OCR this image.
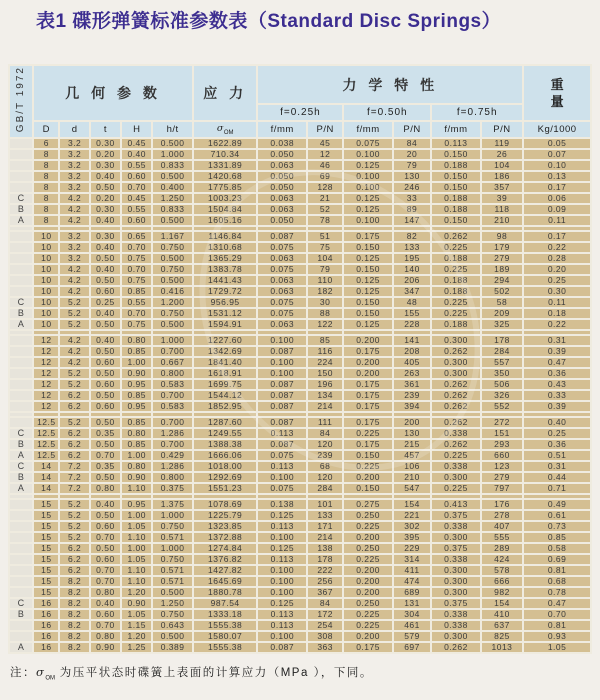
表1 碟形弹簧标准参数表（Standard Disc Springs）
GB/T 1972	几 何 参 数					应 力	力 学 特 性						重
量

							f=0.25h		f=0.50h		f=0.75h		
	D	d	t	H	h/t	$\sigma_{OM}$	f/mm	P/N	f/mm	P/N	f/mm	P/N	Kg/1000
	6	3.2	0.30	0.45	0.500	1622.89	0.038	45	0.075	84	0.113	119	0.05
	8	3.2	0.20	0.40	1.000	710.34	0.050	12	0.100	20	0.150	26	0.07
	8	3.2	0.30	0.55	0.833	1331.89	0.063	46	0.125	79	0.188	104	0.10
	8	3.2	0.40	0.60	0.500	1420.68	0.050	69	0.100	130	0.150	186	0.13
	8	3.2	0.50	0.70	0.400	1775.85	0.050	128	0.100	246	0.150	357	0.17
C	8	4.2	0.20	0.45	1.250	1003.23	0.063	21	0.125	33	0.188	39	0.06
B	8	4.2	0.30	0.55	0.833	1504.84	0.063	52	0.125	89	0.188	118	0.09
A	8	4.2	0.40	0.60	0.500	1605.16	0.050	78	0.100	147	0.150	210	0.11

	10	3.2	0.30	0.65	1.167	1146.84	0.087	51	0.175	82	0.262	98	0.17
	10	3.2	0.40	0.70	0.750	1310.68	0.075	75	0.150	133	0.225	179	0.22
	10	3.2	0.50	0.75	0.500	1365.29	0.063	104	0.125	195	0.188	279	0.28
	10	4.2	0.40	0.70	0.750	1383.78	0.075	79	0.150	140	0.225	189	0.20
	10	4.2	0.50	0.75	0.500	1441.43	0.063	110	0.125	206	0.188	294	0.25
	10	4.2	0.60	0.85	0.416	1729.72	0.063	182	0.125	347	0.188	502	0.30
C	10	5.2	0.25	0.55	1.200	956.95	0.075	30	0.150	48	0.225	58	0.11
B	10	5.2	0.40	0.70	0.750	1531.12	0.075	88	0.150	155	0.225	209	0.18
A	10	5.2	0.50	0.75	0.500	1594.91	0.063	122	0.125	228	0.188	325	0.22

	12	4.2	0.40	0.80	1.000	1227.60	0.100	85	0.200	141	0.300	178	0.31
	12	4.2	0.50	0.85	0.700	1342.69	0.087	116	0.175	208	0.262	284	0.39
	12	4.2	0.60	1.00	0.667	1841.40	0.100	224	0.200	405	0.300	557	0.47
	12	5.2	0.50	0.90	0.800	1618.91	0.100	150	0.200	263	0.300	350	0.36
	12	5.2	0.60	0.95	0.583	1699.75	0.087	196	0.175	361	0.262	506	0.43
	12	6.2	0.50	0.85	0.700	1544.12	0.087	134	0.175	239	0.262	326	0.33
	12	6.2	0.60	0.95	0.583	1852.95	0.087	214	0.175	394	0.262	552	0.39

	12.5	5.2	0.50	0.85	0.700	1287.60	0.087	111	0.175	200	0.262	272	0.40
C	12.5	6.2	0.35	0.80	1.286	1249.55	0.113	84	0.225	130	0.338	151	0.25
B	12.5	6.2	0.50	0.85	0.700	1388.38	0.087	120	0.175	215	0.262	293	0.36
A	12.5	6.2	0.70	1.00	0.429	1666.06	0.075	239	0.150	457	0.225	660	0.51
C	14	7.2	0.35	0.80	1.286	1018.00	0.113	68	0.225	106	0.338	123	0.31
B	14	7.2	0.50	0.90	0.800	1292.69	0.100	120	0.200	210	0.300	279	0.44
A	14	7.2	0.80	1.10	0.375	1551.23	0.075	284	0.150	547	0.225	797	0.71

	15	5.2	0.40	0.95	1.375	1078.69	0.138	101	0.275	154	0.413	176	0.49
	15	5.2	0.50	1.00	1.000	1225.79	0.125	133	0.250	221	0.375	278	0.61
	15	5.2	0.60	1.05	0.750	1323.85	0.113	171	0.225	302	0.338	407	0.73
	15	5.2	0.70	1.10	0.571	1372.88	0.100	214	0.200	395	0.300	555	0.85
	15	6.2	0.50	1.00	1.000	1274.84	0.125	138	0.250	229	0.375	289	0.58
	15	6.2	0.60	1.05	0.750	1376.82	0.113	178	0.225	314	0.338	424	0.69
	15	6.2	0.70	1.10	0.571	1427.82	0.100	222	0.200	411	0.300	578	0.81
	15	8.2	0.70	1.10	0.571	1645.69	0.100	256	0.200	474	0.300	666	0.68
	15	8.2	0.80	1.20	0.500	1880.78	0.100	367	0.200	689	0.300	982	0.78
C	16	8.2	0.40	0.90	1.250	987.54	0.125	84	0.250	131	0.375	154	0.47
B	16	8.2	0.60	1.05	0.750	1333.18	0.113	172	0.225	304	0.338	410	0.70
	16	8.2	0.70	1.15	0.643	1555.38	0.113	254	0.225	461	0.338	637	0.81
	16	8.2	0.80	1.20	0.500	1580.07	0.100	308	0.200	579	0.300	825	0.93
A	16	8.2	0.90	1.25	0.389	1555.38	0.087	363	0.175	697	0.262	1013	1.05
注：$\sigma_{OM}$ 为压平状态时碟簧上表面的计算应力（MPa ），下同。
